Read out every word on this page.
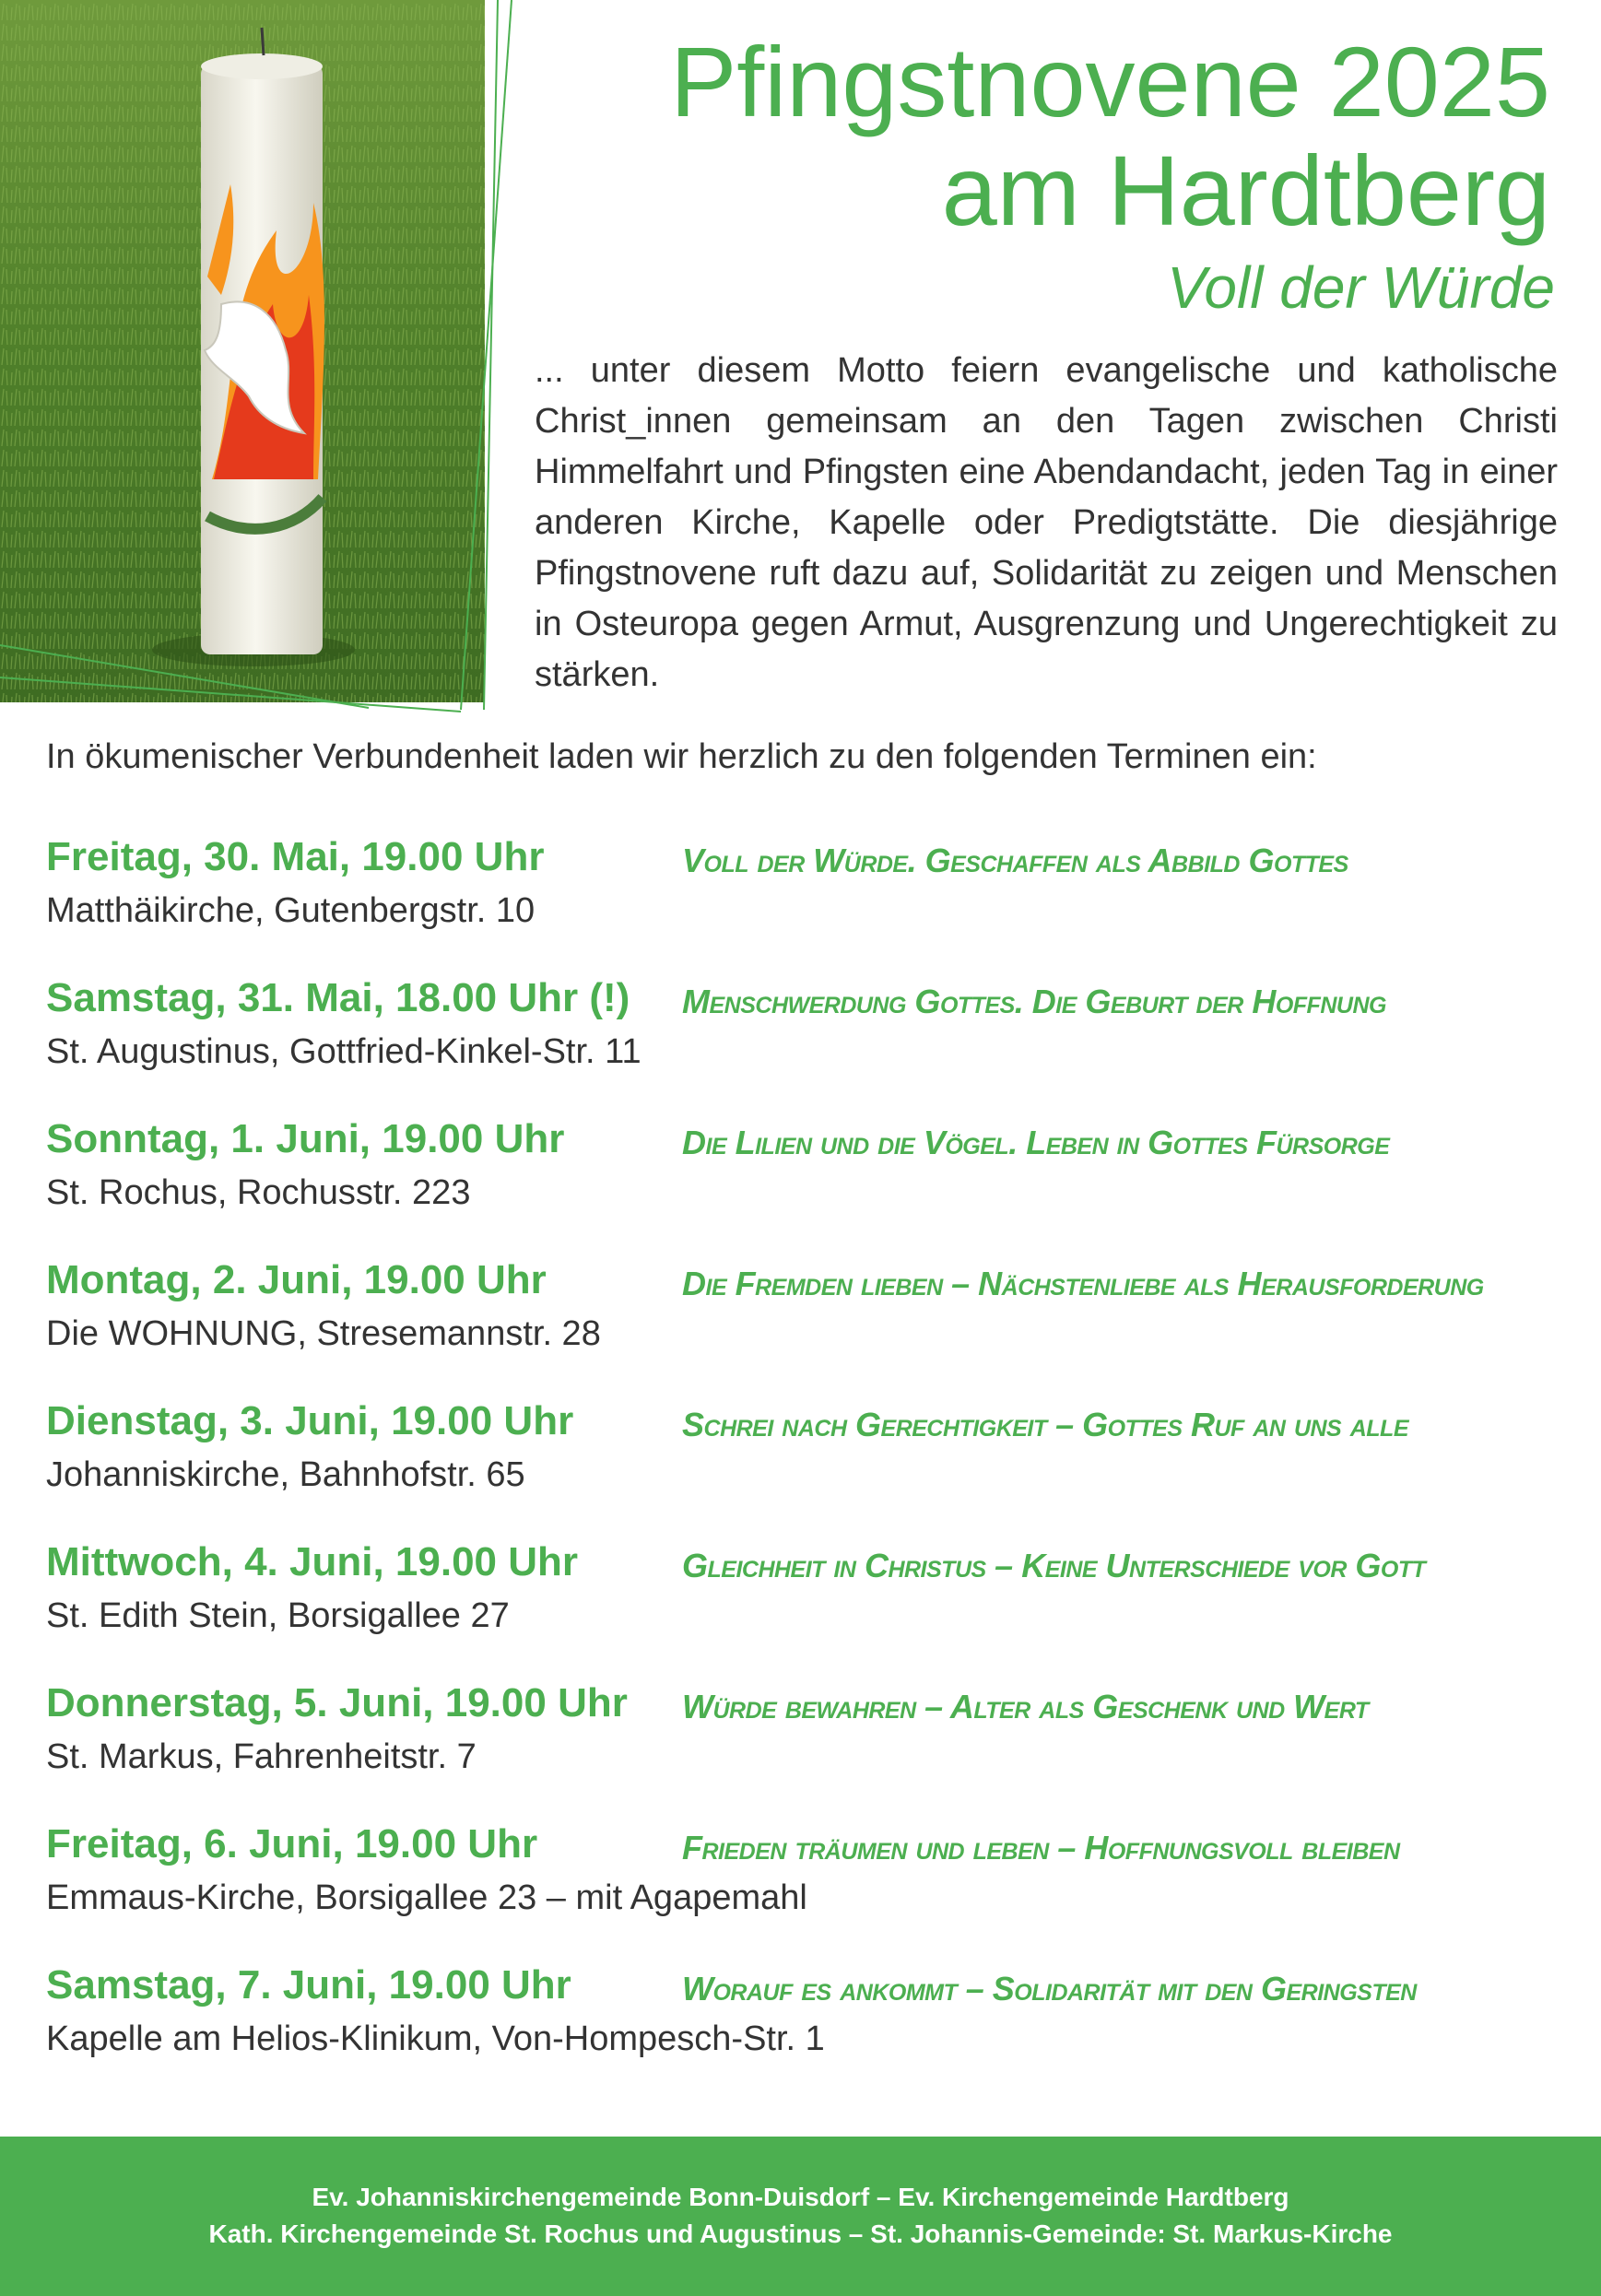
Pfingstnovene 2025
am Hardtberg
Voll der Würde
... unter diesem Motto feiern evangelische und katholische Christ_innen gemeinsam an den Tagen zwischen Christi Himmelfahrt und Pfingsten eine Abendandacht, jeden Tag in einer anderen Kirche, Kapelle oder Predigtstätte. Die diesjährige Pfingstnovene ruft dazu auf, Solidarität zu zeigen und Menschen in Osteuropa gegen Armut, Ausgrenzung und Ungerechtigkeit zu stärken.
In ökumenischer Verbundenheit laden wir herzlich zu den folgenden Terminen ein:
Freitag, 30. Mai, 19.00 Uhr	Voll der Würde. Geschaffen als Abbild Gottes
Matthäikirche, Gutenbergstr. 10
Samstag, 31. Mai, 18.00 Uhr (!) Menschwerdung Gottes. Die Geburt der Hoffnung
St. Augustinus, Gottfried-Kinkel-Str. 11
Sonntag, 1. Juni, 19.00 Uhr	Die Lilien und die Vögel. Leben in Gottes Fürsorge
St. Rochus, Rochusstr. 223
Montag, 2. Juni, 19.00 Uhr	Die Fremden lieben – Nächstenliebe als Herausforderung
Die WOHNUNG, Stresemannstr. 28
Dienstag, 3. Juni, 19.00 Uhr	Schrei nach Gerechtigkeit – Gottes Ruf an uns alle
Johanniskirche, Bahnhofstr. 65
Mittwoch, 4. Juni, 19.00 Uhr	Gleichheit in Christus – Keine Unterschiede vor Gott
St. Edith Stein, Borsigallee 27
Donnerstag, 5. Juni, 19.00 Uhr Würde bewahren – Alter als Geschenk und Wert
St. Markus, Fahrenheitstr. 7
Freitag, 6. Juni, 19.00 Uhr	Frieden träumen und leben – Hoffnungsvoll bleiben
Emmaus-Kirche, Borsigallee 23 – mit Agapemahl
Samstag, 7. Juni, 19.00 Uhr	Worauf es ankommt – Solidarität mit den Geringsten
Kapelle am Helios-Klinikum, Von-Hompesch-Str. 1
Ev. Johanniskirchengemeinde Bonn-Duisdorf – Ev. Kirchengemeinde Hardtberg
Kath. Kirchengemeinde St. Rochus und Augustinus – St. Johannis-Gemeinde: St. Markus-Kirche
